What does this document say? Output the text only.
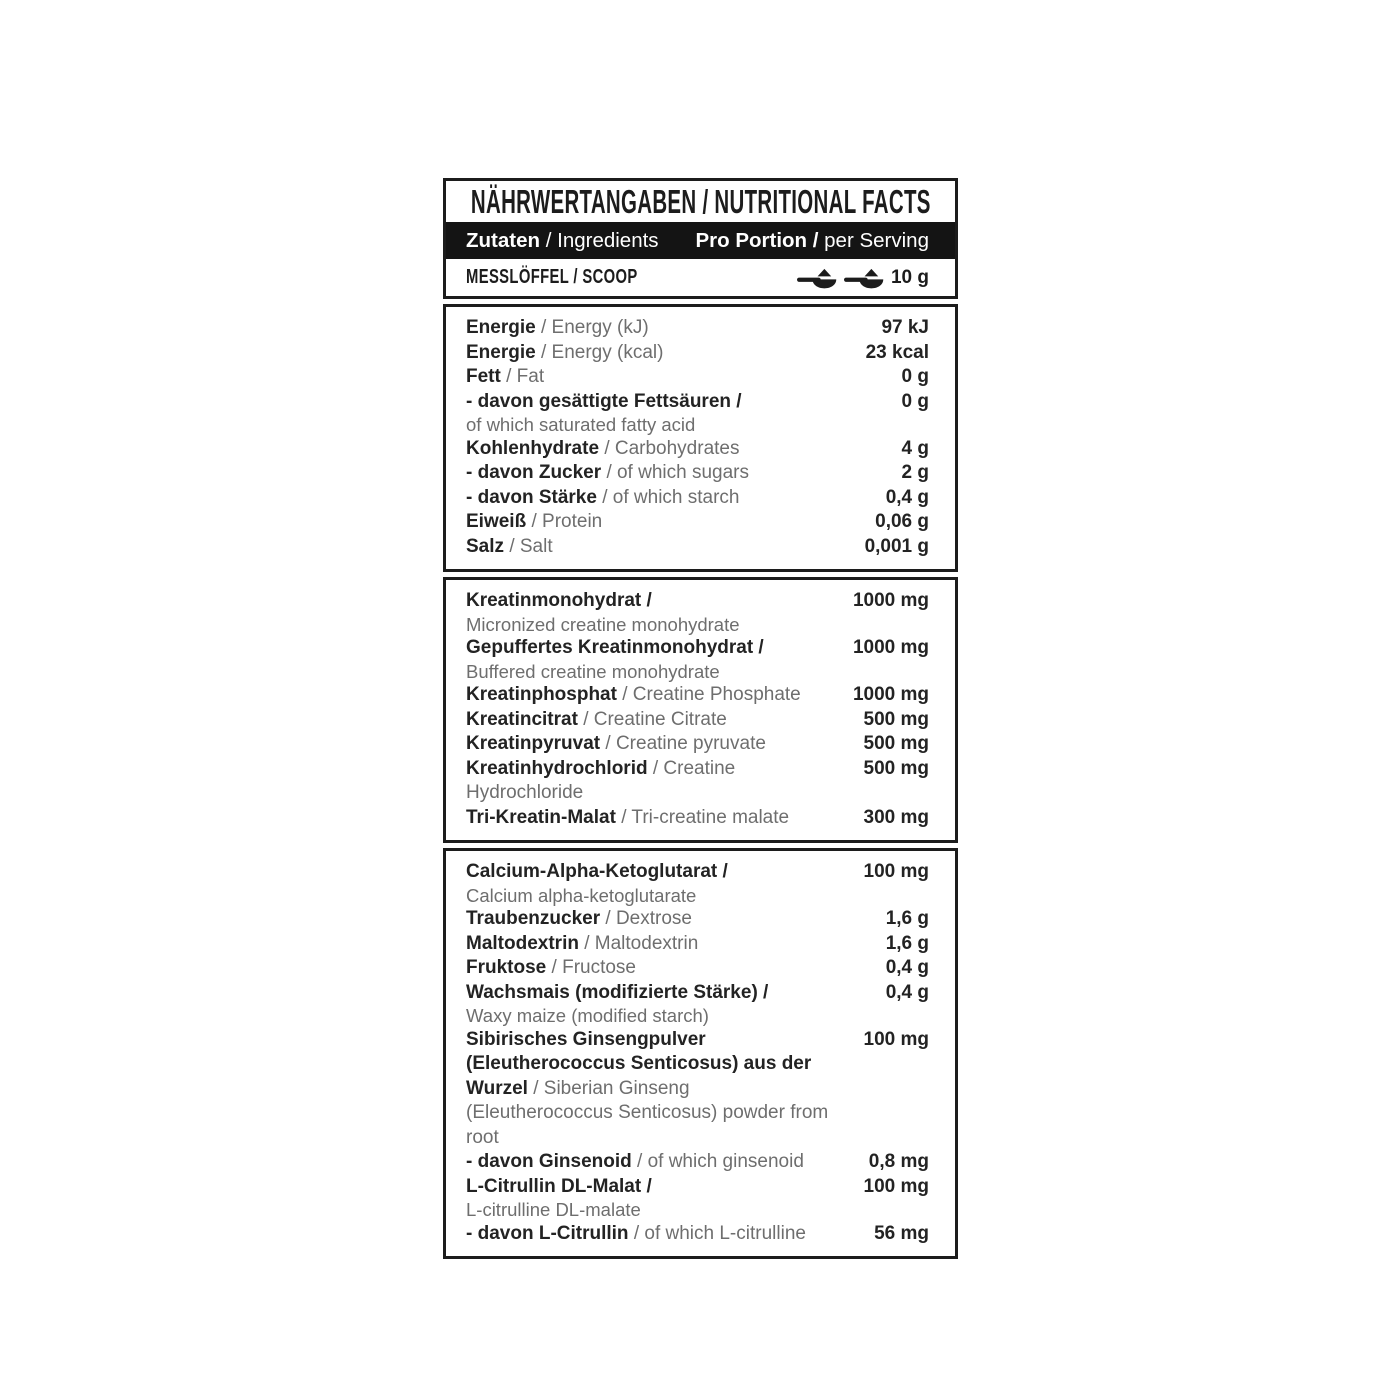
NÄHRWERTANGABEN / NUTRITIONAL FACTS
Zutaten / Ingredients Pro Portion / per Serving
MESSLÖFFEL / SCOOP	10 g
Energie / Energy (kJ)	97 kJ
Energie / Energy (kcal)	23 kcal
Fett / Fat	0 g
- davon gesättigte Fettsäuren /
of which saturated fatty acid
0 g
Kohlenhydrate / Carbohydrates	4 g
- davon Zucker / of which sugars	2 g
- davon Stärke / of which starch	0,4 g
Eiweiß / Protein	0,06 g
Salz / Salt	0,001 g
Kreatinmonohydrat /
Micronized creatine monohydrate
1000 mg
Gepuffertes Kreatinmonohydrat /
Buffered creatine monohydrate
1000 mg
Kreatinphosphat / Creatine Phosphate	1000 mg
Kreatincitrat / Creatine Citrate	500 mg
Kreatinpyruvat / Creatine pyruvate	500 mg
Kreatinhydrochlorid / Creatine Hydrochloride
500 mg
Tri-Kreatin-Malat / Tri-creatine malate	300 mg
Calcium-Alpha-Ketoglutarat /
Calcium alpha-ketoglutarate
100 mg
Traubenzucker / Dextrose	1,6 g
Maltodextrin / Maltodextrin	1,6 g
Fruktose / Fructose	0,4 g
Wachsmais (modifizierte Stärke) /
Waxy maize (modified starch)
0,4 g
Sibirisches Ginsengpulver (Eleutherococcus Senticosus) aus der Wurzel / Siberian Ginseng (Eleutherococcus Senticosus) powder from root
100 mg
- davon Ginsenoid / of which ginsenoid	0,8 mg
L-Citrullin DL-Malat /
L-citrulline DL-malate
100 mg
- davon L-Citrullin / of which L-citrulline	56 mg
